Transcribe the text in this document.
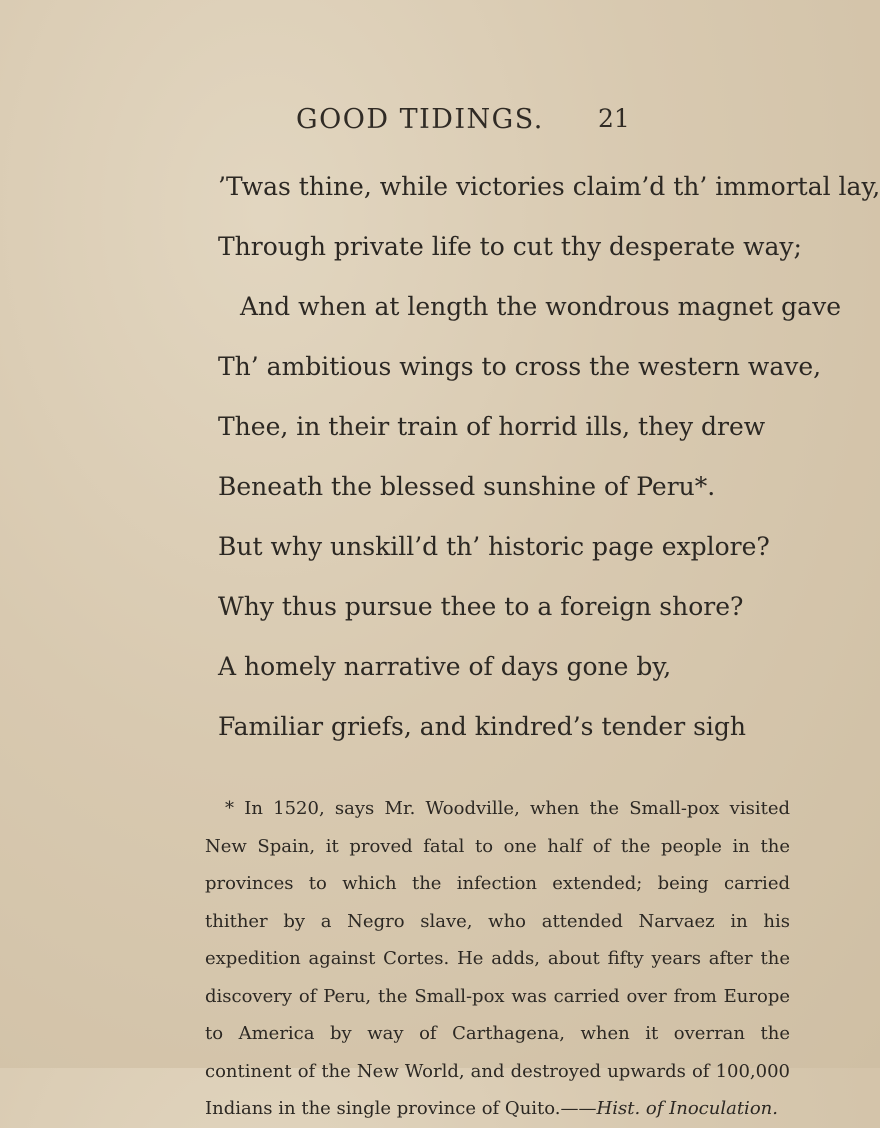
GOOD TIDINGS. 21
’Twas thine, while victories claim’d th’ immortal lay,
Through private life to cut thy desperate way;
And when at length the wondrous magnet gave
Th’ ambitious wings to cross the western wave,
Thee, in their train of horrid ills, they drew
Beneath the blessed sunshine of Peru*.
But why unskill’d th’ historic page explore?
Why thus pursue thee to a foreign shore?
A homely narrative of days gone by,
Familiar griefs, and kindred’s tender sigh

* In 1520, says Mr. Woodville, when the Small-pox visited New Spain, it proved fatal to one half of the people in the provinces to which the infection extended; being carried thither by a Negro slave, who attended Narvaez in his expedition against Cortes. He adds, about fifty years after the discovery of Peru, the Small-pox was carried over from Europe to America by way of Carthagena, when it overran the continent of the New World, and destroyed upwards of 100,000 Indians in the single province of Quito.——Hist. of Inoculation.
